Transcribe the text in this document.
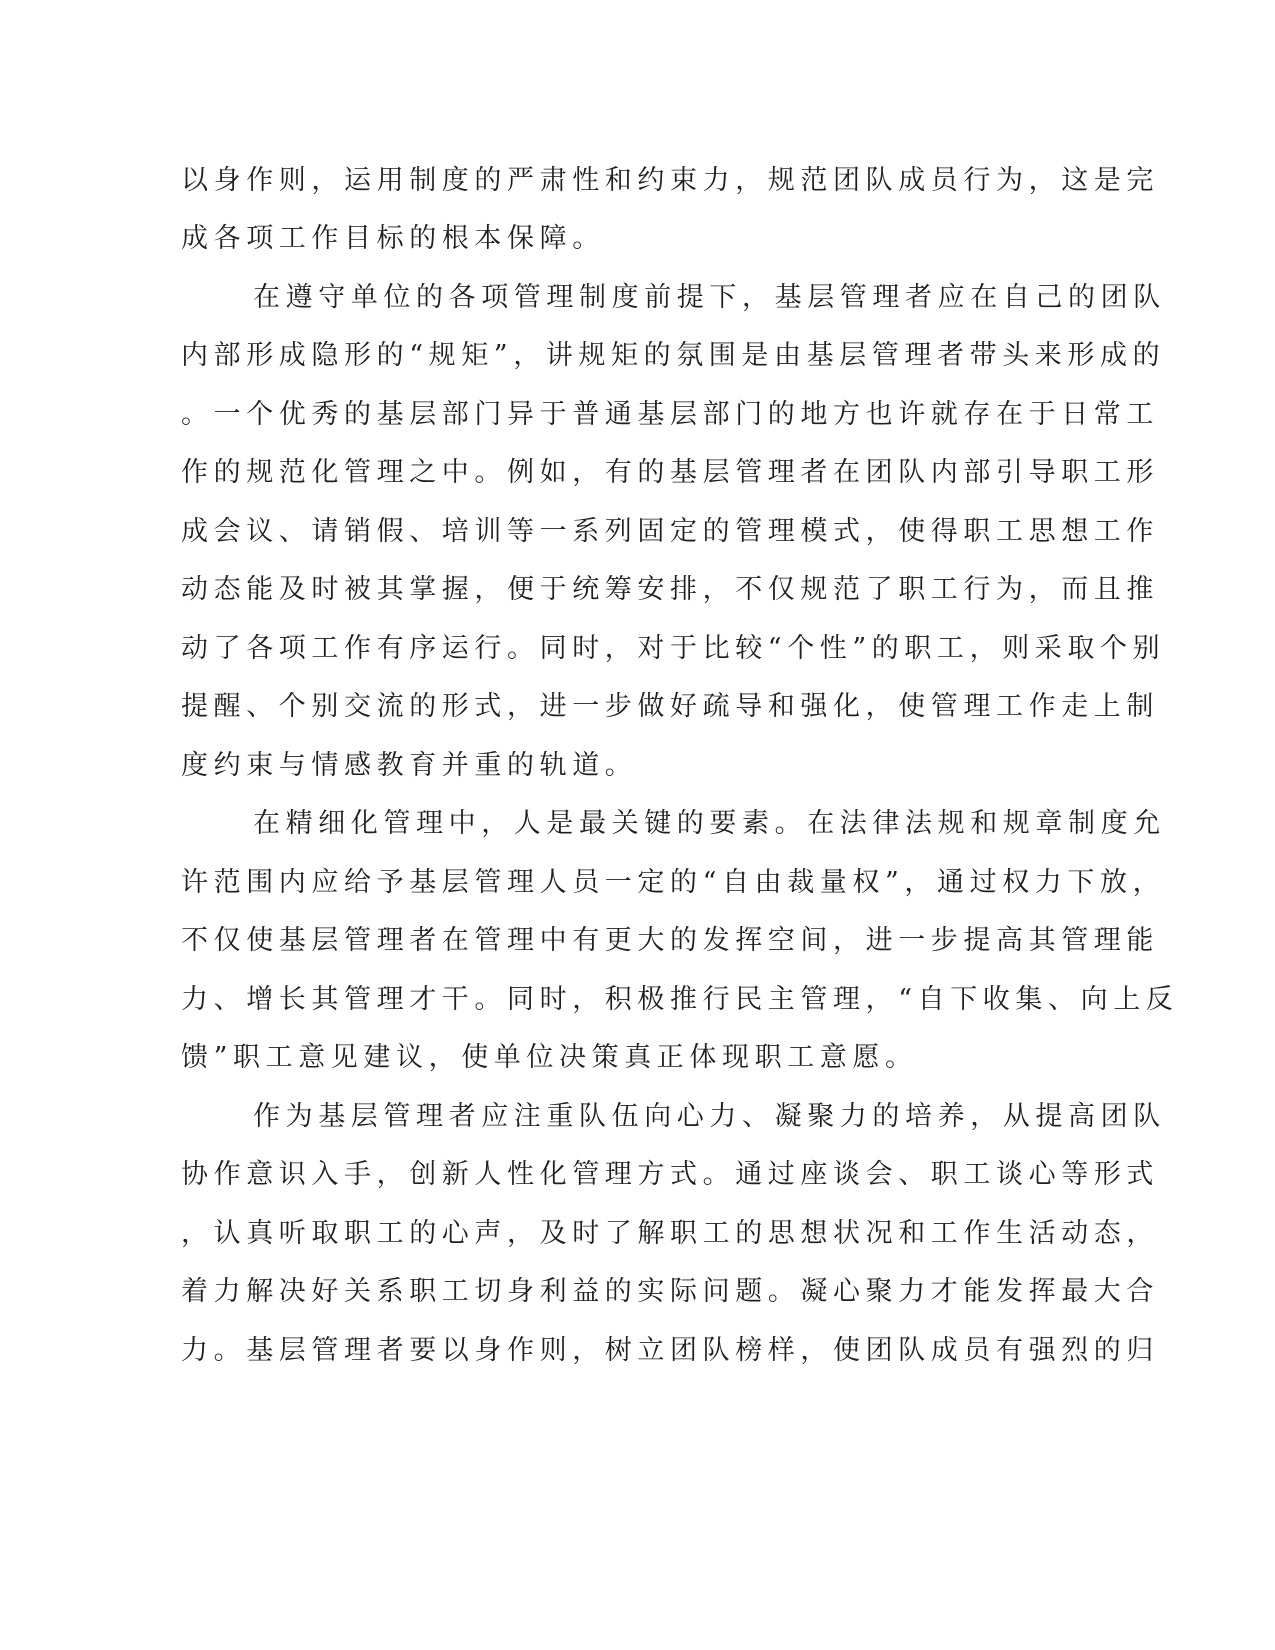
以身作则，运用制度的严肃性和约束力，规范团队成员行为，这是完
成各项工作目标的根本保障。
在遵守单位的各项管理制度前提下，基层管理者应在自己的团队
内部形成隐形的“规矩”，讲规矩的氛围是由基层管理者带头来形成的
。一个优秀的基层部门异于普通基层部门的地方也许就存在于日常工
作的规范化管理之中。例如，有的基层管理者在团队内部引导职工形
成会议、请销假、培训等一系列固定的管理模式，使得职工思想工作
动态能及时被其掌握，便于统筹安排，不仅规范了职工行为，而且推
动了各项工作有序运行。同时，对于比较“个性”的职工，则采取个别
提醒、个别交流的形式，进一步做好疏导和强化，使管理工作走上制
度约束与情感教育并重的轨道。
在精细化管理中，人是最关键的要素。在法律法规和规章制度允
许范围内应给予基层管理人员一定的“自由裁量权”，通过权力下放，
不仅使基层管理者在管理中有更大的发挥空间，进一步提高其管理能
力、增长其管理才干。同时，积极推行民主管理，“自下收集、向上反
馈”职工意见建议，使单位决策真正体现职工意愿。
作为基层管理者应注重队伍向心力、凝聚力的培养，从提高团队
协作意识入手，创新人性化管理方式。通过座谈会、职工谈心等形式
，认真听取职工的心声，及时了解职工的思想状况和工作生活动态，
着力解决好关系职工切身利益的实际问题。凝心聚力才能发挥最大合
力。基层管理者要以身作则，树立团队榜样，使团队成员有强烈的归
